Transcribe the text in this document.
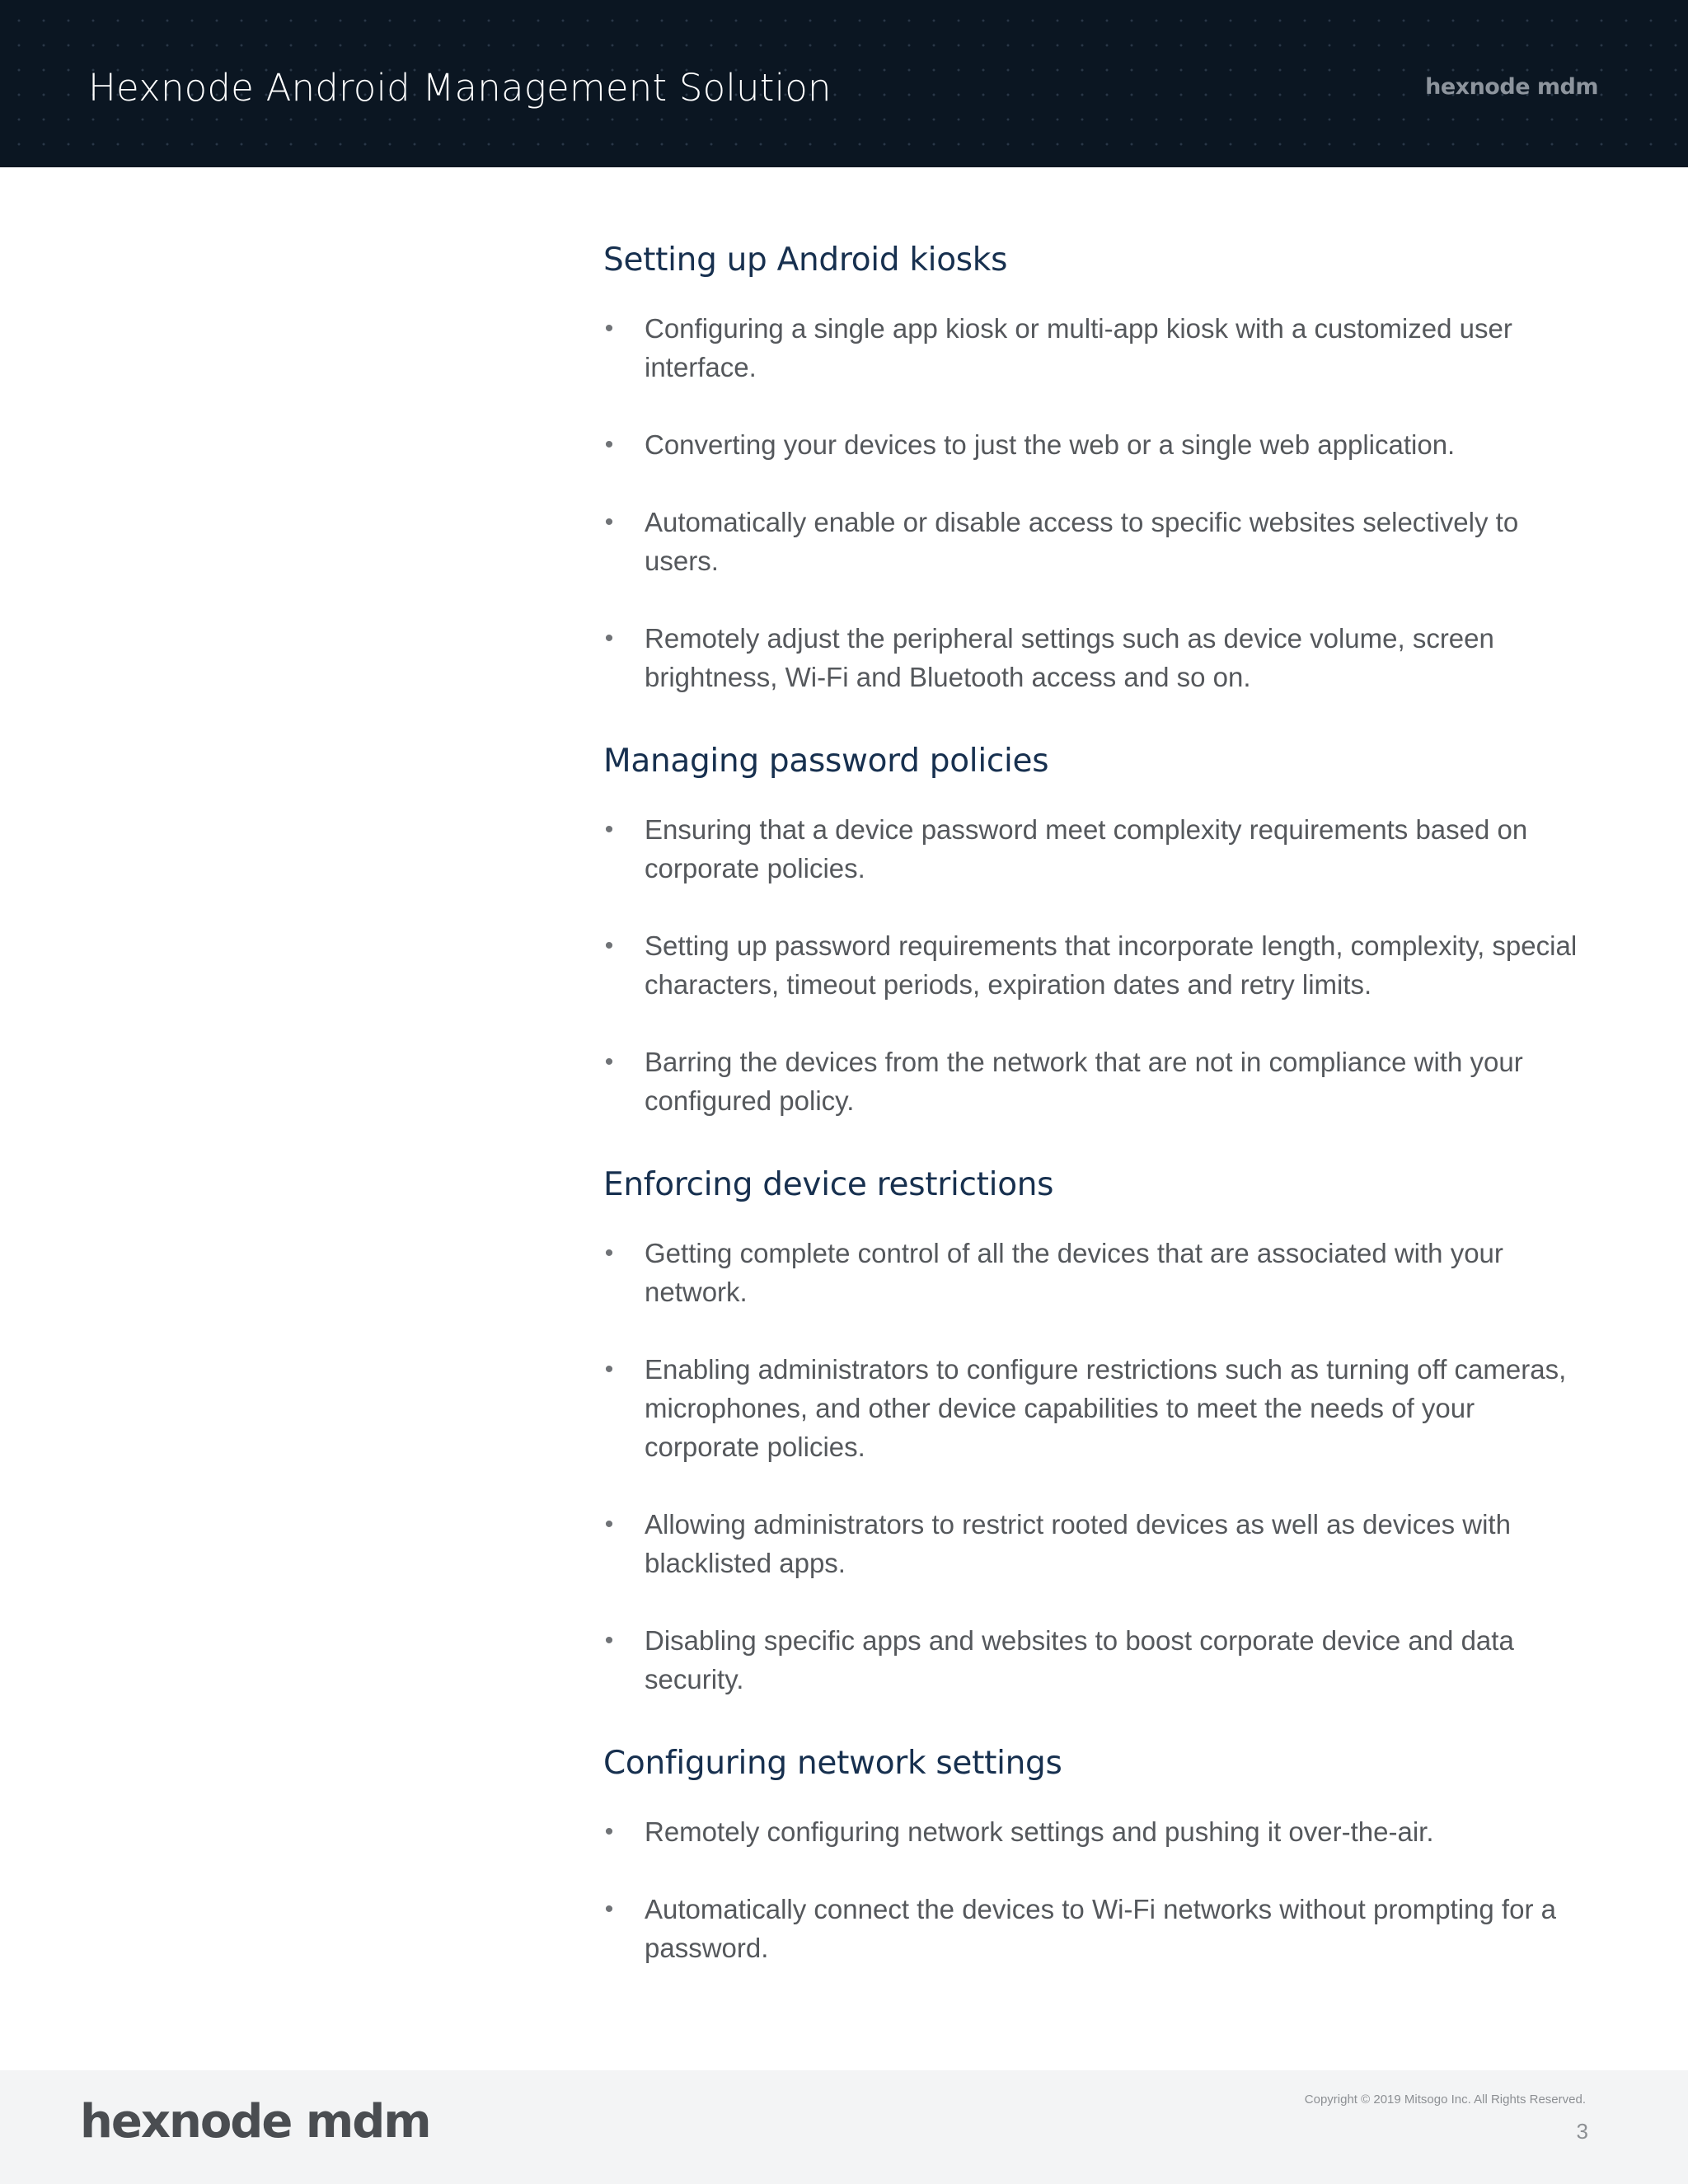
Hexnode Android Management Solution	hexnode mdm
Setting up Android kiosks
• Configuring a single app kiosk or multi-app kiosk with a customized user interface.
• Converting your devices to just the web or a single web application.
• Automatically enable or disable access to specific websites selectively to users.
• Remotely adjust the peripheral settings such as device volume, screen brightness, Wi-Fi and Bluetooth access and so on.
Managing password policies
• Ensuring that a device password meet complexity requirements based on corporate policies.
• Setting up password requirements that incorporate length, complexity, special characters, timeout periods, expiration dates and retry limits.
• Barring the devices from the network that are not in compliance with your configured policy.
Enforcing device restrictions
• Getting complete control of all the devices that are associated with your network.
• Enabling administrators to configure restrictions such as turning off cameras, microphones, and other device capabilities to meet the needs of your corporate policies.
• Allowing administrators to restrict rooted devices as well as devices with blacklisted apps.
• Disabling specific apps and websites to boost corporate device and data security.
Configuring network settings
• Remotely configuring network settings and pushing it over-the-air.
• Automatically connect the devices to Wi-Fi networks without prompting for a password.
hexnode mdm	Copyright © 2019 Mitsogo Inc. All Rights Reserved.
3
